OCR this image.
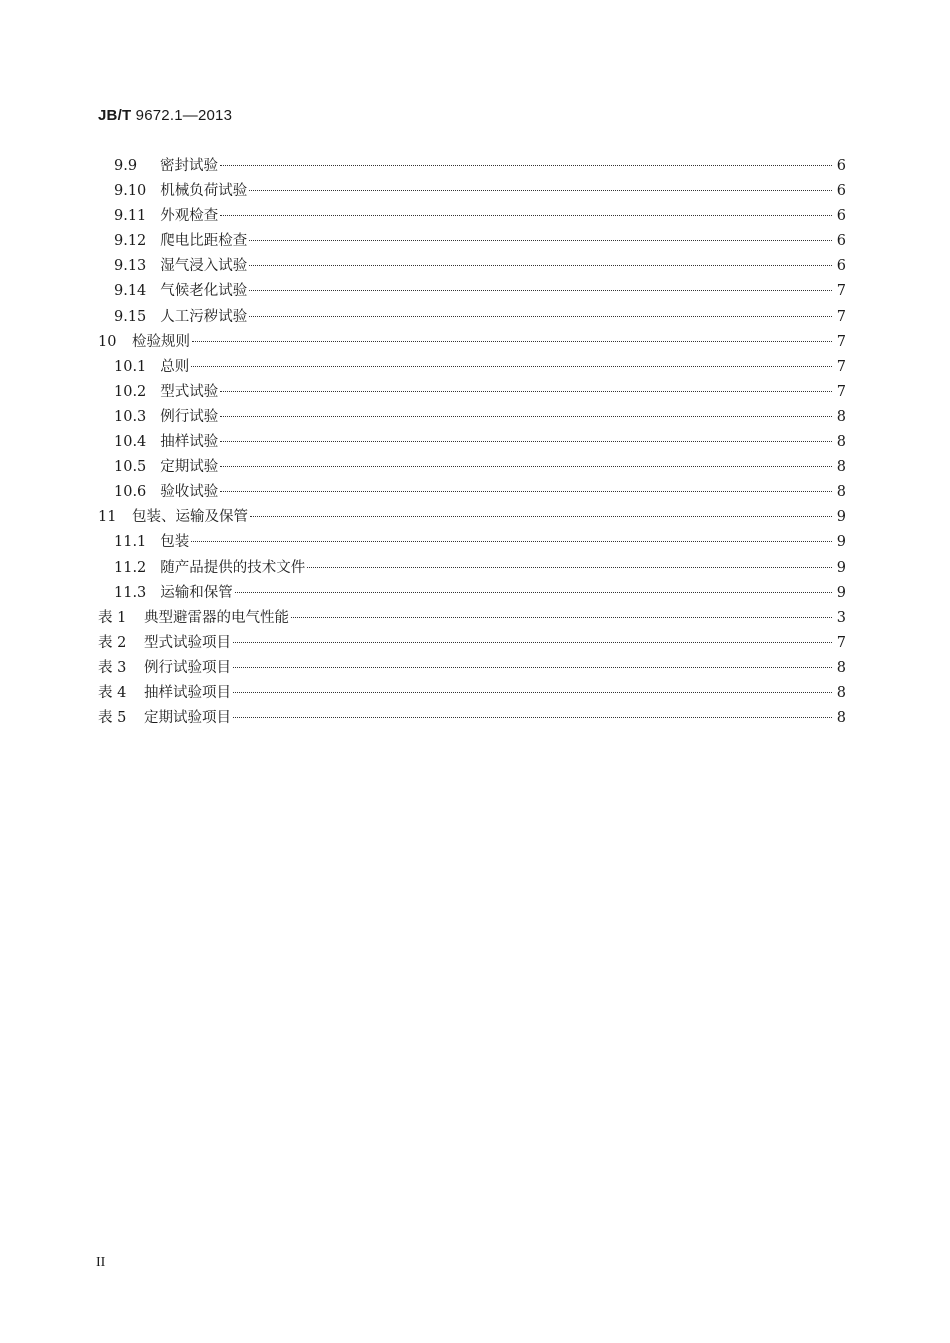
JB/T 9672.1—2013
9.9	密封试验	6
9.10 机械负荷试验	6
9.11 外观检查	6
9.12 爬电比距检查	6
9.13 湿气浸入试验	6
9.14 气候老化试验	7
9.15 人工污秽试验	7
10 检验规则	7
10.1 总则	7
10.2 型式试验	7
10.3 例行试验	8
10.4 抽样试验	8
10.5 定期试验	8
10.6 验收试验	8
11 包装、运输及保管	9
11.1 包装	9
11.2 随产品提供的技术文件	9
11.3 运输和保管	9
表 1 典型避雷器的电气性能	3
表 2 型式试验项目	7
表 3 例行试验项目	8
表 4 抽样试验项目	8
表 5 定期试验项目	8
II
